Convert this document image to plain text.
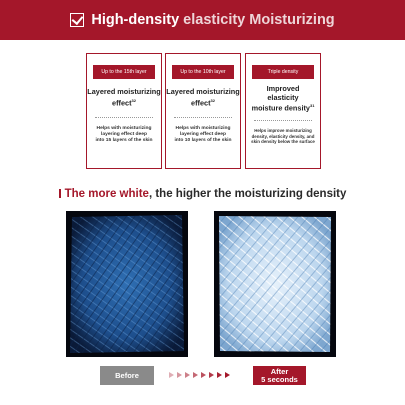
High-density elasticity Moisturizing
Up to the 15th layer
Layered moisturizing
effect$^{32}$
Helps with moisturizing
layering effect deep
into 15 layers of the skin
Up to the 10th layer
Layered moisturizing
effect$^{32}$
Helps with moisturizing
layering effect deep
into 10 layers of the skin
Triple density
Improved
elasticity
moisture density$^{31}$
Helps improve moisturizing
density, elasticity density, and
skin density below the surface
The more white, the higher the moisturizing density
Before	After
5 seconds
